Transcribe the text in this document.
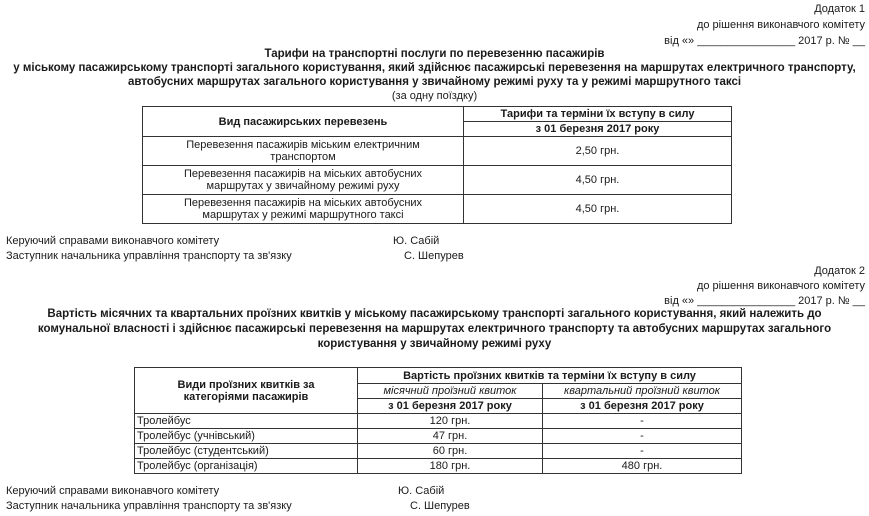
Додаток 1
до рішення виконавчого комітету
від «» ________________ 2017 р. № __
Тарифи на транспортні послуги по перевезенню пасажирів
у міському пасажирському транспорті загального користування, який здійснює пасажирські перевезення на маршрутах електричного транспорту,
автобусних маршрутах загального користування у звичайному режимі руху та у режимі маршрутного таксі
(за одну поїздку)
Вид пасажирських перевезень	Тарифи та терміни їх вступу в силу
	з 01 березня 2017 року
Перевезення пасажирів міським електричним
транспортом	2,50 грн.
Перевезення пасажирів на міських автобусних
маршрутах у звичайному режимі руху	4,50 грн.
Перевезення пасажирів на міських автобусних
маршрутах у режимі маршрутного таксі	4,50 грн.
Керуючий справами виконавчого комітету	Ю. Сабій
Заступник начальника управління транспорту та зв'язку	С. Шепурев
Додаток 2
до рішення виконавчого комітету
від «» ________________ 2017 р. № __
Вартість місячних та квартальних проїзних квитків у міському пасажирському транспорті загального користування, який належить до
комунальної власності і здійснює пасажирські перевезення на маршрутах електричного транспорту та автобусних маршрутах загального
користування у звичайному режимі руху
Види проїзних квитків за
категоріями пасажирів	Вартість проїзних квитків та терміни їх вступу в силу	
	місячний проїзний квиток	квартальний проїзний квиток
	з 01 березня 2017 року	з 01 березня 2017 року
Тролейбус	120 грн.	-
Тролейбус (учнівський)	47 грн.	-
Тролейбус (студентський)	60 грн.	-
Тролейбус (організація)	180 грн.	480 грн.
Керуючий справами виконавчого комітету	Ю. Сабій
Заступник начальника управління транспорту та зв'язку	С. Шепурев
